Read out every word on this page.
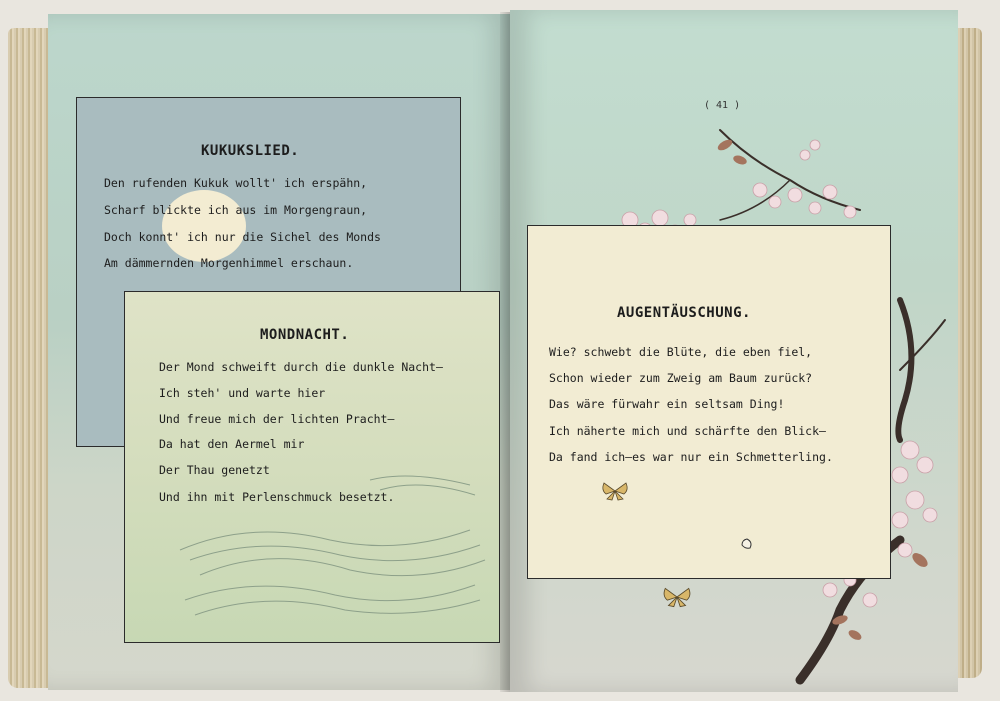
KUKUKSLIED.
Den rufenden Kukuk wollt' ich erspähn,
Scharf blickte ich aus im Morgengraun,
Doch konnt' ich nur die Sichel des Monds
Am dämmernden Morgenhimmel erschaun.
MONDNACHT.
Der Mond schweift durch die dunkle Nacht—
Ich steh' und warte hier
Und freue mich der lichten Pracht—
Da hat den Aermel mir
Der Thau genetzt
Und ihn mit Perlenschmuck besetzt.
( 41 )
AUGENTÄUSCHUNG.
Wie? schwebt die Blüte, die eben fiel,
Schon wieder zum Zweig am Baum zurück?
Das wäre fürwahr ein seltsam Ding!
Ich näherte mich und schärfte den Blick—
Da fand ich—es war nur ein Schmetterling.
